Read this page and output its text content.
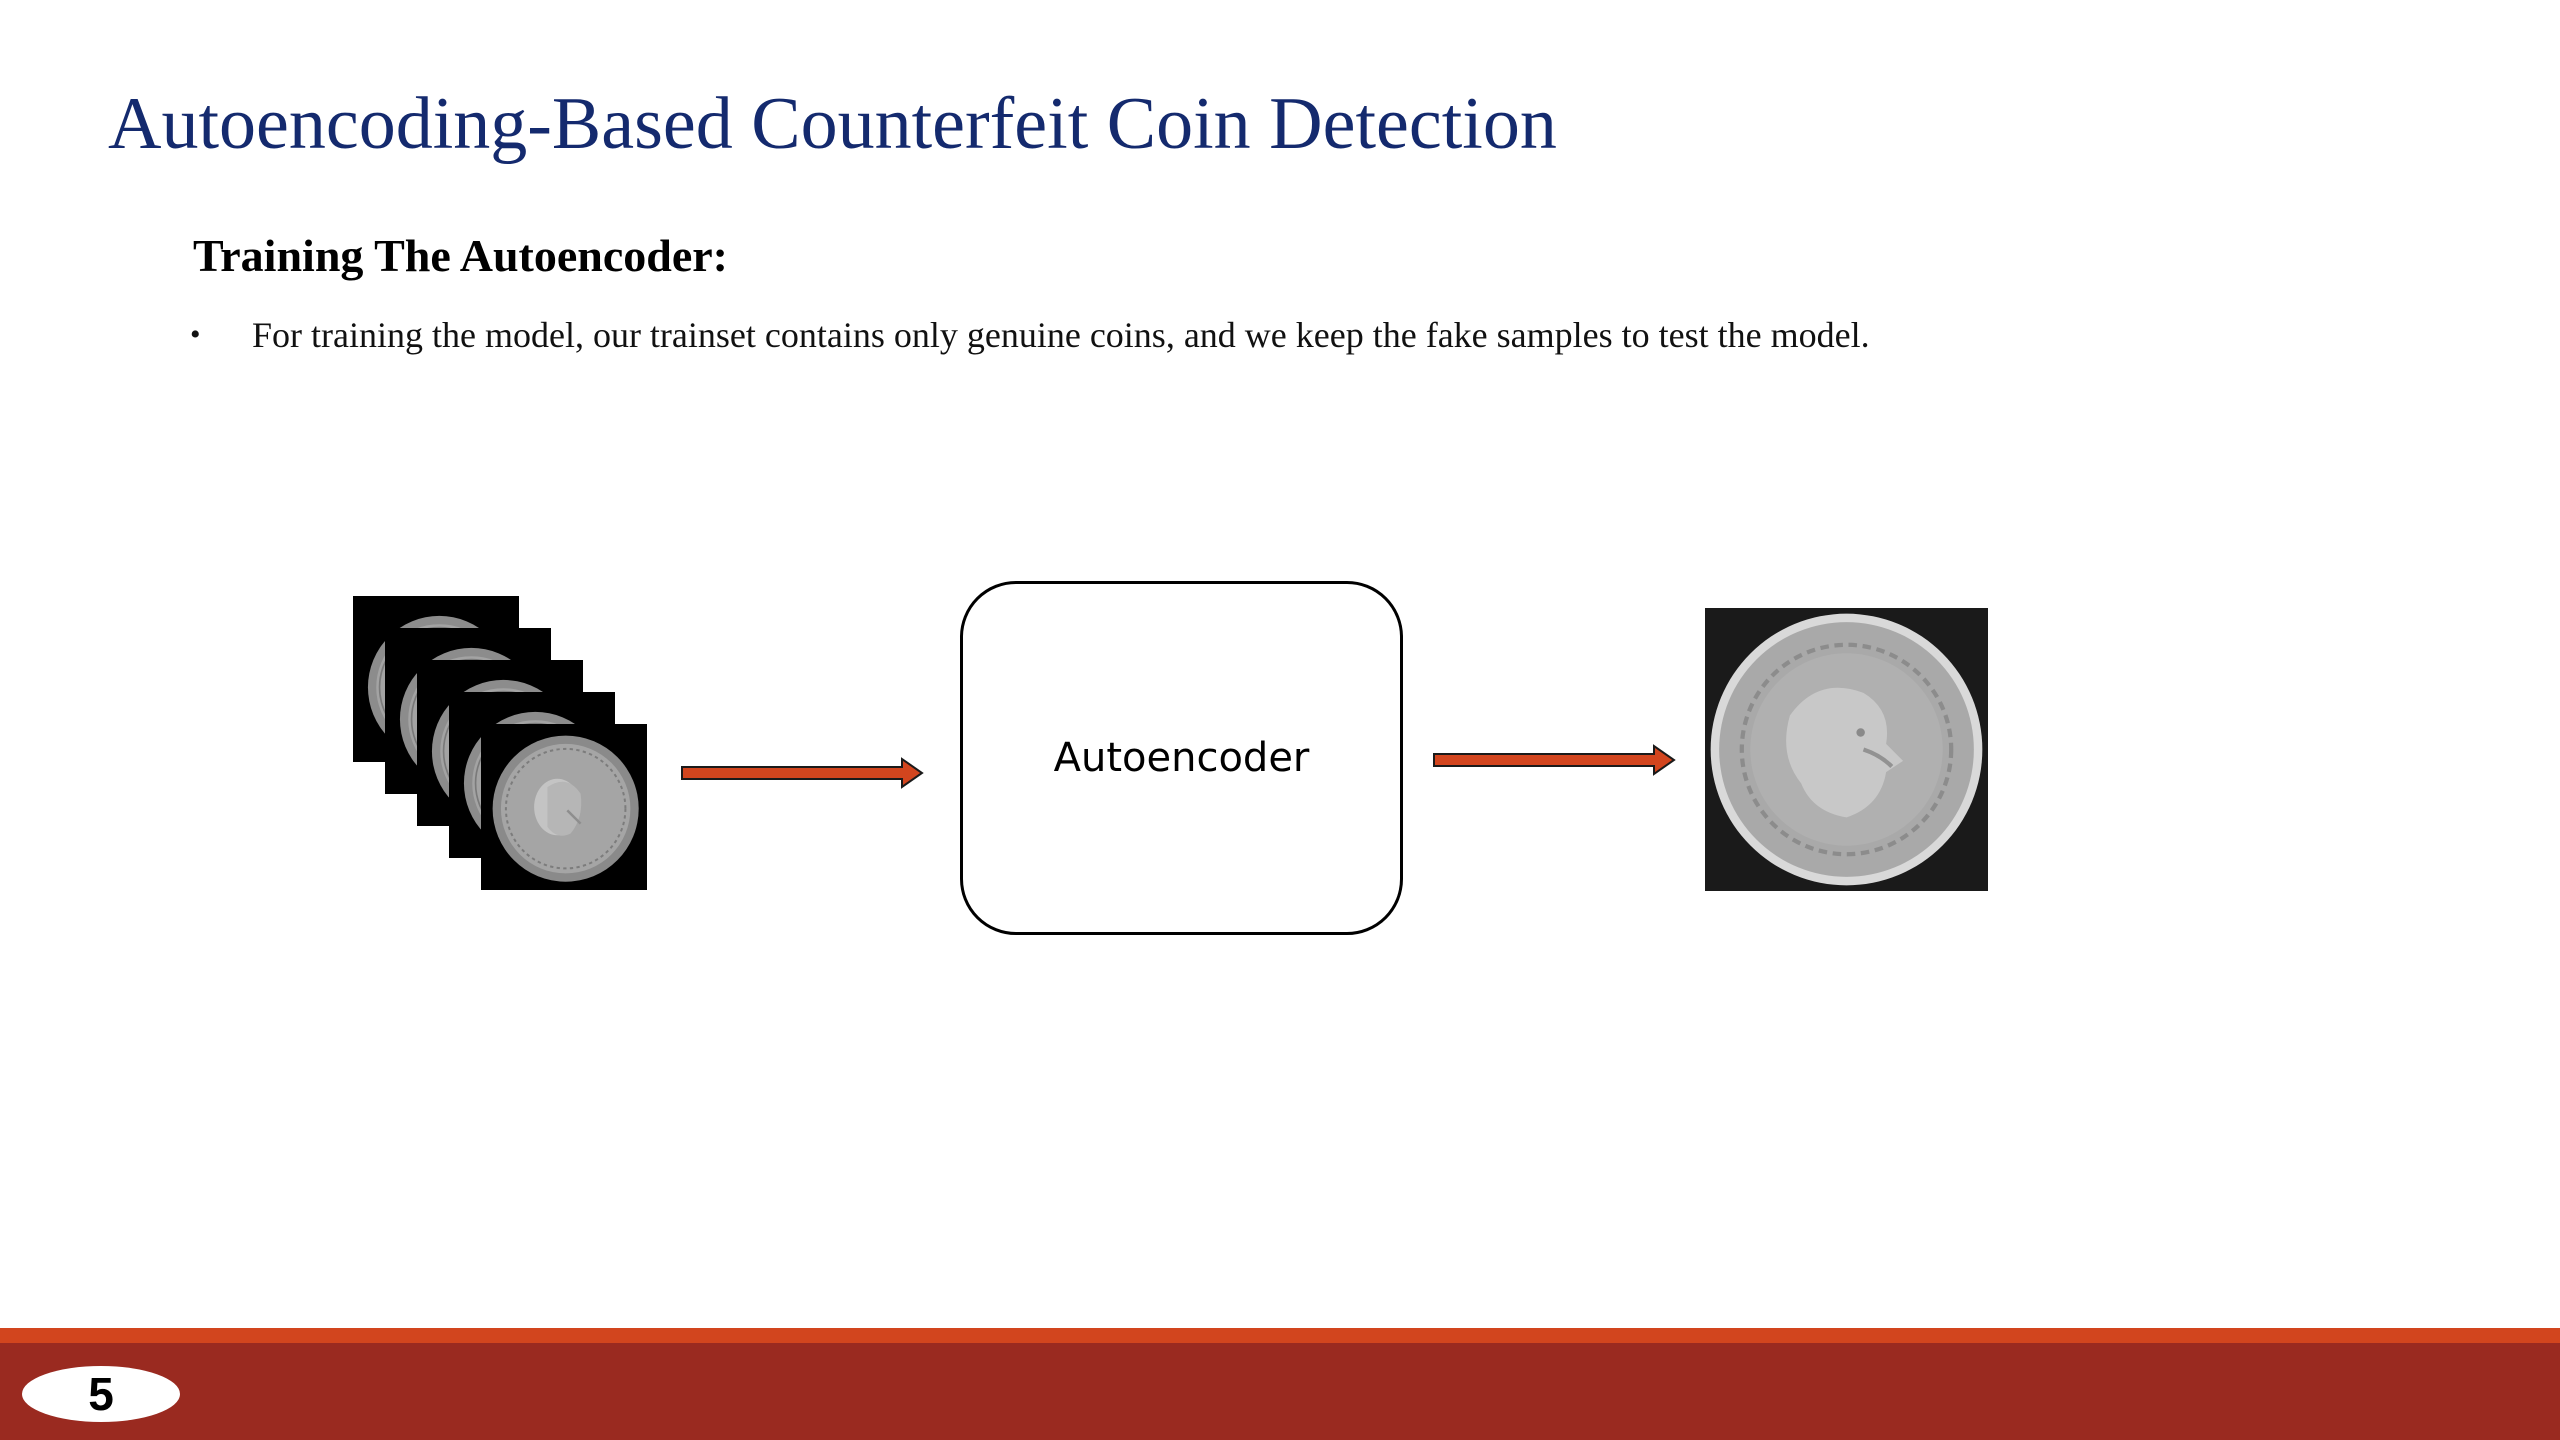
Autoencoding-Based Counterfeit Coin Detection
Training The Autoencoder:
•	For training the model, our trainset contains only genuine coins, and we keep the fake samples to test the model.
Autoencoder
5
